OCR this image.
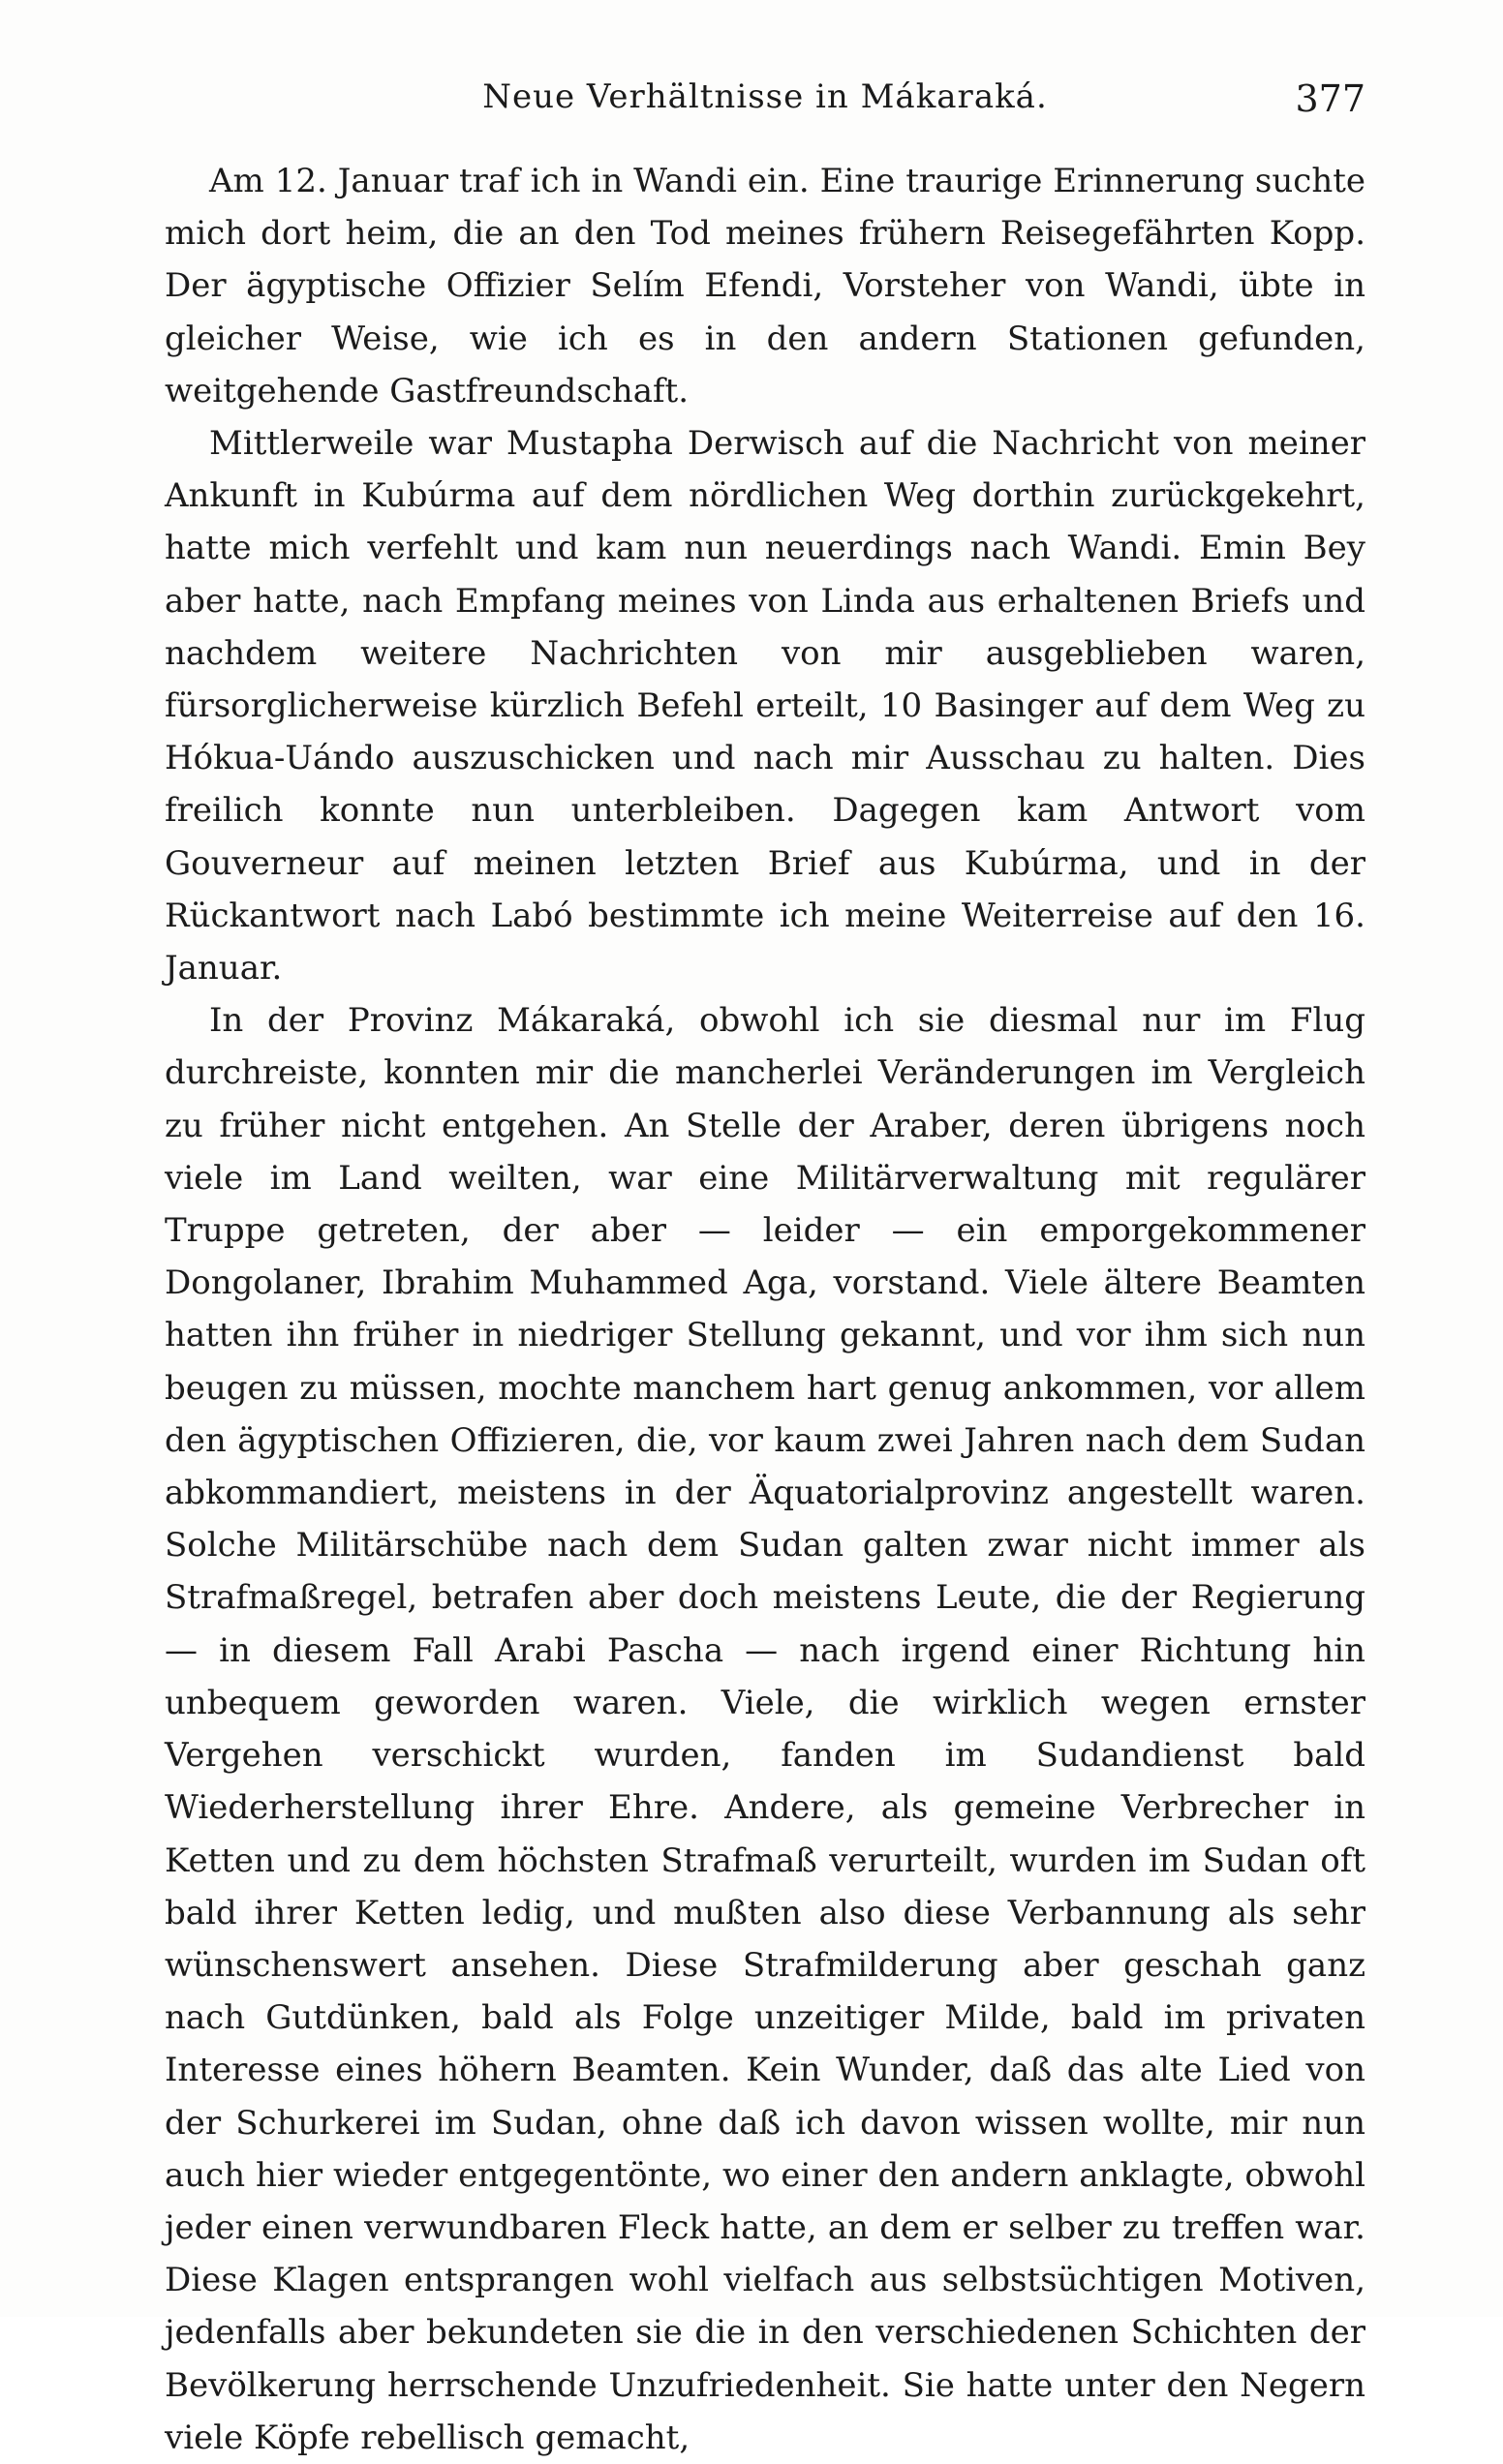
Neue Verhältnisse in Mákaraká.	377

Am 12. Januar traf ich in Wandi ein. Eine traurige Erinnerung suchte mich dort heim, die an den Tod meines frühern Reisegefährten Kopp. Der ägyptische Offizier Selím Efendi, Vorsteher von Wandi, übte in gleicher Weise, wie ich es in den andern Stationen gefunden, weitgehende Gastfreundschaft.

Mittlerweile war Mustapha Derwisch auf die Nachricht von meiner Ankunft in Kubúrma auf dem nördlichen Weg dorthin zurückgekehrt, hatte mich verfehlt und kam nun neuerdings nach Wandi. Emin Bey aber hatte, nach Empfang meines von Linda aus erhaltenen Briefs und nachdem weitere Nachrichten von mir ausgeblieben waren, fürsorglicherweise kürzlich Befehl erteilt, 10 Basinger auf dem Weg zu Hókua-Uándo auszuschicken und nach mir Ausschau zu halten. Dies freilich konnte nun unterbleiben. Dagegen kam Antwort vom Gouverneur auf meinen letzten Brief aus Kubúrma, und in der Rückantwort nach Labó bestimmte ich meine Weiterreise auf den 16. Januar.

In der Provinz Mákaraká, obwohl ich sie diesmal nur im Flug durchreiste, konnten mir die mancherlei Veränderungen im Vergleich zu früher nicht entgehen. An Stelle der Araber, deren übrigens noch viele im Land weilten, war eine Militärverwaltung mit regulärer Truppe getreten, der aber — leider — ein emporgekommener Dongolaner, Ibrahim Muhammed Aga, vorstand. Viele ältere Beamten hatten ihn früher in niedriger Stellung gekannt, und vor ihm sich nun beugen zu müssen, mochte manchem hart genug ankommen, vor allem den ägyptischen Offizieren, die, vor kaum zwei Jahren nach dem Sudan abkommandiert, meistens in der Äquatorialprovinz angestellt waren. Solche Militärschübe nach dem Sudan galten zwar nicht immer als Strafmaßregel, betrafen aber doch meistens Leute, die der Regierung — in diesem Fall Arabi Pascha — nach irgend einer Richtung hin unbequem geworden waren. Viele, die wirklich wegen ernster Vergehen verschickt wurden, fanden im Sudandienst bald Wiederherstellung ihrer Ehre. Andere, als gemeine Verbrecher in Ketten und zu dem höchsten Strafmaß verurteilt, wurden im Sudan oft bald ihrer Ketten ledig, und mußten also diese Verbannung als sehr wünschenswert ansehen. Diese Strafmilderung aber geschah ganz nach Gutdünken, bald als Folge unzeitiger Milde, bald im privaten Interesse eines höhern Beamten. Kein Wunder, daß das alte Lied von der Schurkerei im Sudan, ohne daß ich davon wissen wollte, mir nun auch hier wieder entgegentönte, wo einer den andern anklagte, obwohl jeder einen verwundbaren Fleck hatte, an dem er selber zu treffen war. Diese Klagen entsprangen wohl vielfach aus selbstsüchtigen Motiven, jedenfalls aber bekundeten sie die in den verschiedenen Schichten der Bevölkerung herrschende Unzufriedenheit. Sie hatte unter den Negern viele Köpfe rebellisch gemacht,
